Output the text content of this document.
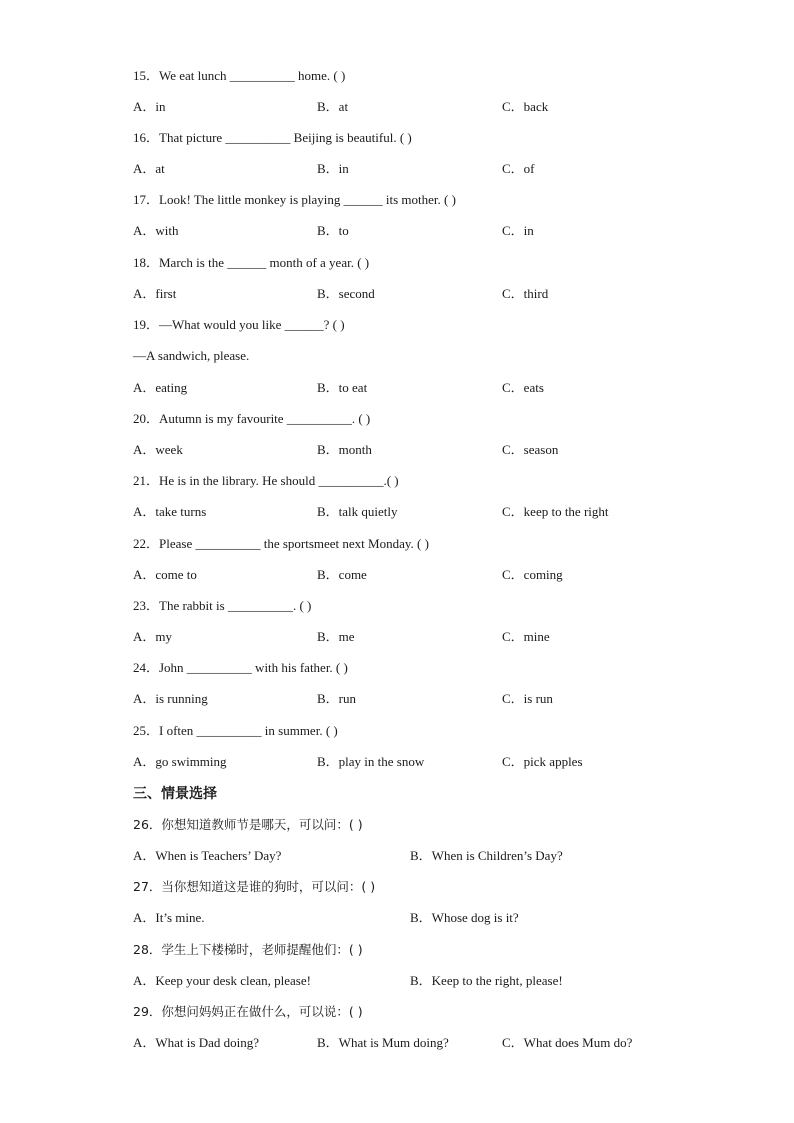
15．We eat lunch __________ home. ( )
A．in	B．at	C．back
16．That picture __________ Beijing is beautiful. ( )
A．at	B．in	C．of
17．Look! The little monkey is playing ______ its mother. ( )
A．with	B．to	C．in
18．March is the ______ month of a year. ( )
A．first	B．second	C．third
19．—What would you like ______? ( )
—A sandwich, please.
A．eating	B．to eat	C．eats
20．Autumn is my favourite __________. ( )
A．week	B．month	C．season
21．He is in the library. He should __________.( )
A．take turns	B．talk quietly	C．keep to the right
22．Please __________ the sportsmeet next Monday. ( )
A．come to	B．come	C．coming
23．The rabbit is __________. ( )
A．my	B．me	C．mine
24．John __________ with his father. ( )
A．is running	B．run	C．is run
25．I often __________ in summer. ( )
A．go swimming	B．play in the snow	C．pick apples
三、情景选择
26．你想知道教师节是哪天，可以问：( )
A．When is Teachers’ Day?	B．When is Children’s Day?
27．当你想知道这是谁的狗时，可以问：( )
A．It’s mine.	B．Whose dog is it?
28．学生上下楼梯时，老师提醒他们：( )
A．Keep your desk clean, please!	B．Keep to the right, please!
29．你想问妈妈正在做什么，可以说：( )
A．What is Dad doing?	B．What is Mum doing?	C．What does Mum do?
